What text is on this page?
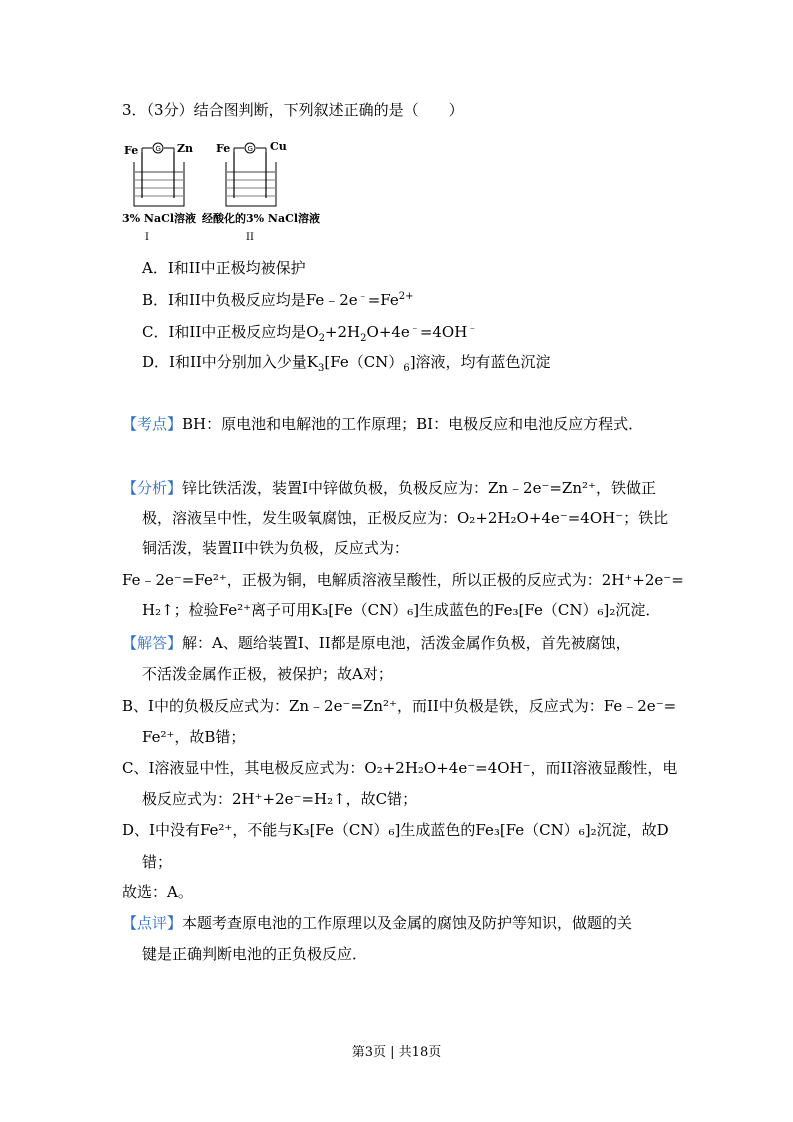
3．（3分）结合图判断，下列叙述正确的是（　　）
G	G
Fe	Zn
3% NaCl溶液
I
Fe	Cu
经酸化的3% NaCl溶液
II
A．I和II中正极均被保护
B．I和II中负极反应均是$Fe﹣2e^﹣=Fe^{2+}$
C．I和II中正极反应均是$O_2+2H_2O+4e^﹣=4OH^﹣$
D．I和II中分别加入少量$K_3[Fe(CN)_6]$溶液，均有蓝色沉淀
【考点】BH：原电池和电解池的工作原理；BI：电极反应和电池反应方程式．
【分析】锌比铁活泼，装置I中锌做负极，负极反应为：Zn﹣2e⁻=Zn²⁺，铁做正
极，溶液呈中性，发生吸氧腐蚀，正极反应为：O₂+2H₂O+4e⁻=4OH⁻；铁比
铜活泼，装置II中铁为负极，反应式为：
Fe﹣2e⁻=Fe²⁺，正极为铜，电解质溶液呈酸性，所以正极的反应式为：2H⁺+2e⁻=
H₂↑；检验Fe²⁺离子可用K₃[Fe（CN）₆]生成蓝色的Fe₃[Fe（CN）₆]₂沉淀．
【解答】解：A、题给装置I、II都是原电池，活泼金属作负极，首先被腐蚀，
不活泼金属作正极，被保护；故A对；
B、I中的负极反应式为：Zn﹣2e⁻=Zn²⁺，而II中负极是铁，反应式为：Fe﹣2e⁻=
Fe²⁺，故B错；
C、I溶液显中性，其电极反应式为：O₂+2H₂O+4e⁻=4OH⁻，而II溶液显酸性，电
极反应式为：2H⁺+2e⁻=H₂↑，故C错；
D、I中没有Fe²⁺，不能与K₃[Fe（CN）₆]生成蓝色的Fe₃[Fe（CN）₆]₂沉淀，故D
错；
故选：A。
【点评】本题考查原电池的工作原理以及金属的腐蚀及防护等知识，做题的关
键是正确判断电池的正负极反应．
第3页 | 共18页
